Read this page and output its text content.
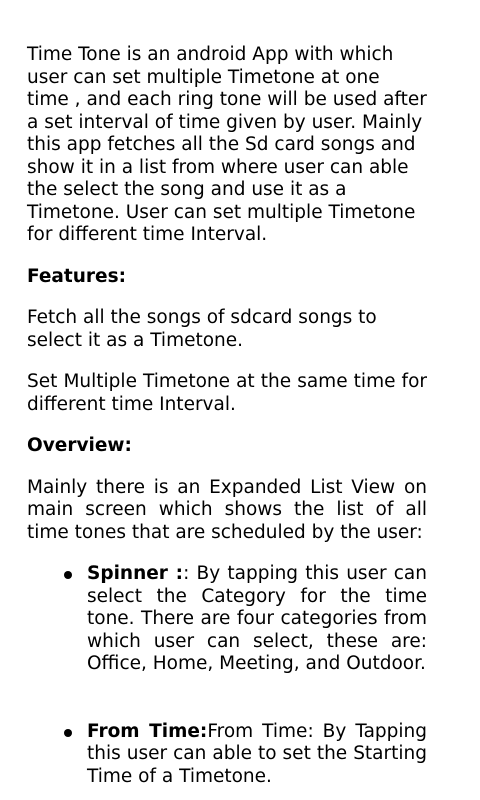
Time Tone is an android App with which user can set multiple Timetone at one time , and each ring tone will be used after a set interval of time given by user. Mainly this app fetches all the Sd card songs and show it in a list from where user can able the select the song and use it as a Timetone. User can set multiple Timetone for different time Interval.

Features:

Fetch all the songs of sdcard songs to select it as a Timetone.

Set Multiple Timetone at the same time for different time Interval.

Overview:

Mainly there is an Expanded List View on main screen which shows the list of all time tones that are scheduled by the user:

Spinner :: By tapping this user can select the Category for the time tone. There are four categories from which user can select, these are: Office, Home, Meeting, and Outdoor.
From Time:From Time: By Tapping this user can able to set the Starting Time of a Timetone.
